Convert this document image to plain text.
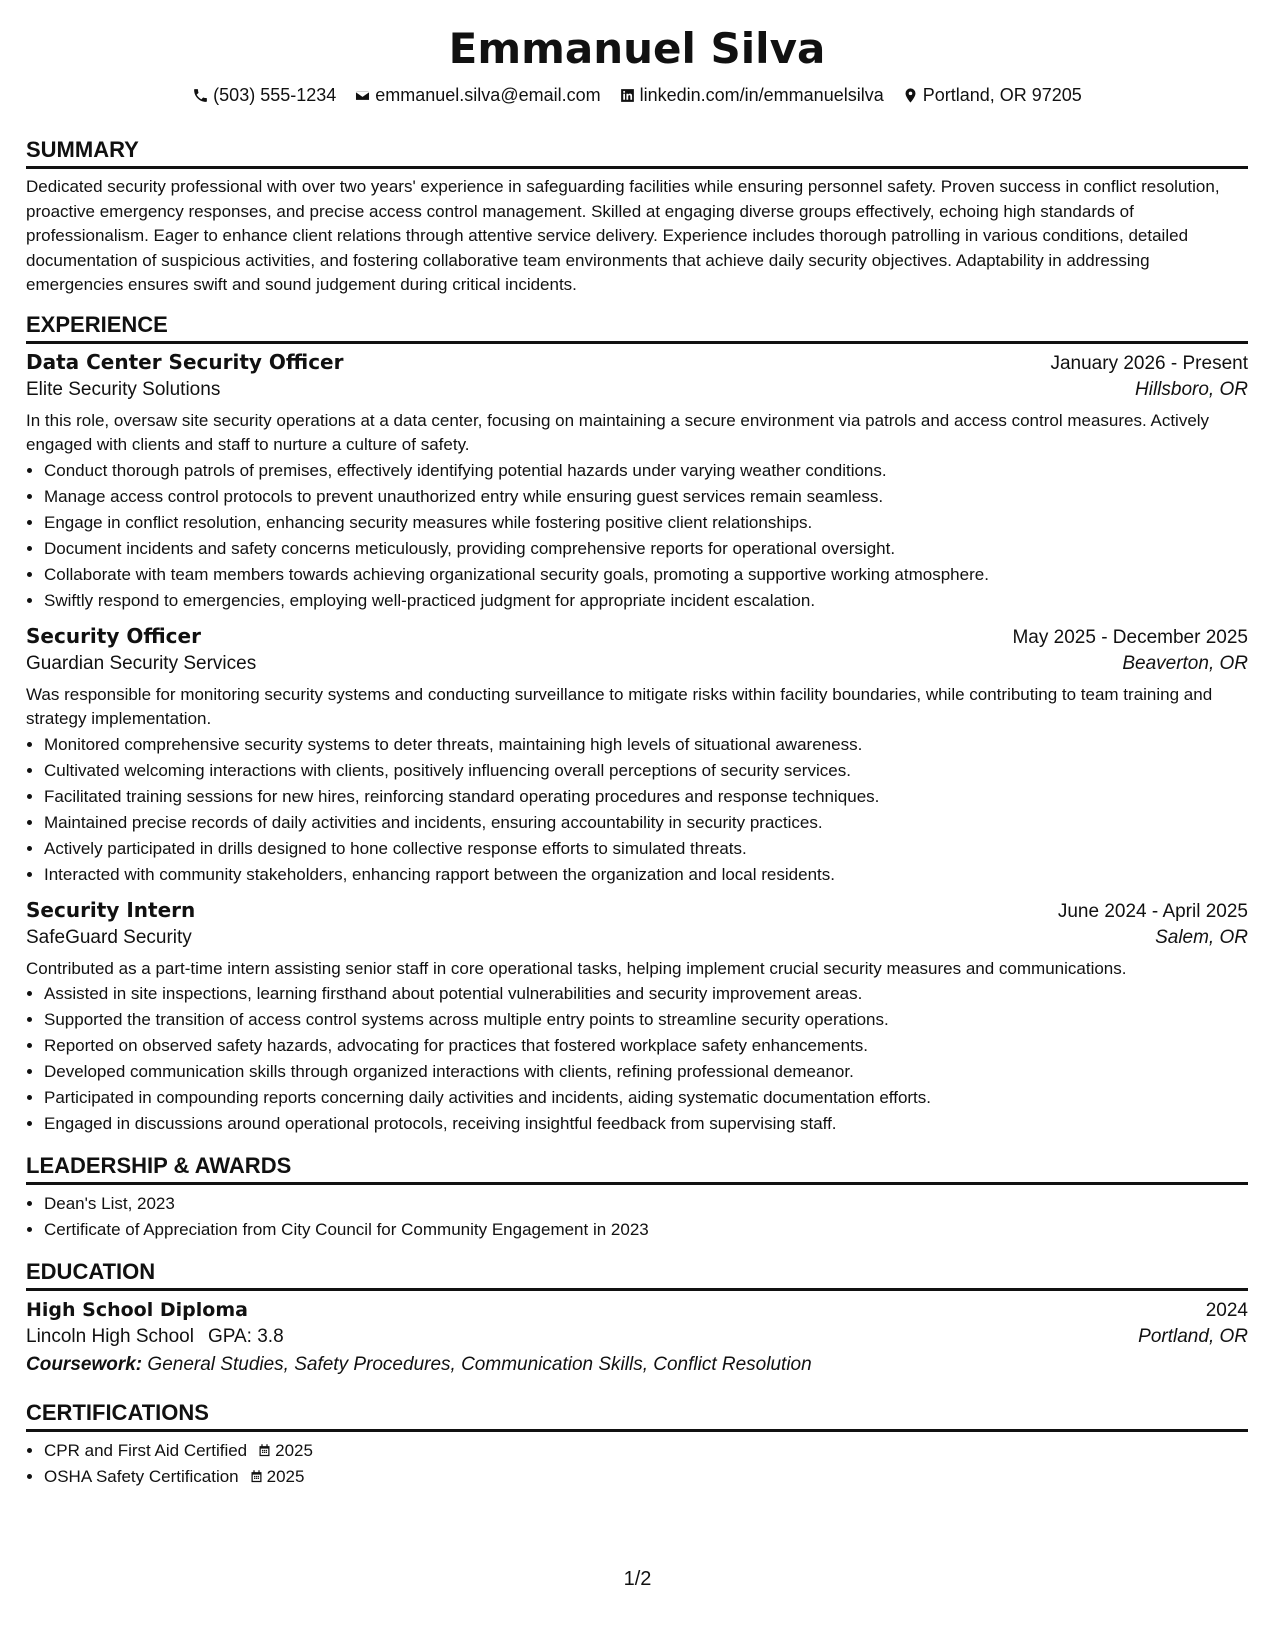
Emmanuel Silva
(503) 555-1234 emmanuel.silva@email.com linkedin.com/in/emmanuelsilva Portland, OR 97205
SUMMARY

Dedicated security professional with over two years' experience in safeguarding facilities while ensuring personnel safety. Proven success in conflict resolution, proactive emergency responses, and precise access control management. Skilled at engaging diverse groups effectively, echoing high standards of professionalism. Eager to enhance client relations through attentive service delivery. Experience includes thorough patrolling in various conditions, detailed documentation of suspicious activities, and fostering collaborative team environments that achieve daily security objectives. Adaptability in addressing emergencies ensures swift and sound judgement during critical incidents.

EXPERIENCE
Data Center Security Officer	January 2026 - Present
Elite Security Solutions	Hillsboro, OR

In this role, oversaw site security operations at a data center, focusing on maintaining a secure environment via patrols and access control measures. Actively engaged with clients and staff to nurture a culture of safety.

• Conduct thorough patrols of premises, effectively identifying potential hazards under varying weather conditions.
• Manage access control protocols to prevent unauthorized entry while ensuring guest services remain seamless.
• Engage in conflict resolution, enhancing security measures while fostering positive client relationships.
• Document incidents and safety concerns meticulously, providing comprehensive reports for operational oversight.
• Collaborate with team members towards achieving organizational security goals, promoting a supportive working atmosphere.
• Swiftly respond to emergencies, employing well-practiced judgment for appropriate incident escalation.
Security Officer	May 2025 - December 2025
Guardian Security Services	Beaverton, OR

Was responsible for monitoring security systems and conducting surveillance to mitigate risks within facility boundaries, while contributing to team training and strategy implementation.

• Monitored comprehensive security systems to deter threats, maintaining high levels of situational awareness.
• Cultivated welcoming interactions with clients, positively influencing overall perceptions of security services.
• Facilitated training sessions for new hires, reinforcing standard operating procedures and response techniques.
• Maintained precise records of daily activities and incidents, ensuring accountability in security practices.
• Actively participated in drills designed to hone collective response efforts to simulated threats.
• Interacted with community stakeholders, enhancing rapport between the organization and local residents.
Security Intern	June 2024 - April 2025
SafeGuard Security	Salem, OR

Contributed as a part-time intern assisting senior staff in core operational tasks, helping implement crucial security measures and communications.

• Assisted in site inspections, learning firsthand about potential vulnerabilities and security improvement areas.
• Supported the transition of access control systems across multiple entry points to streamline security operations.
• Reported on observed safety hazards, advocating for practices that fostered workplace safety enhancements.
• Developed communication skills through organized interactions with clients, refining professional demeanor.
• Participated in compounding reports concerning daily activities and incidents, aiding systematic documentation efforts.
• Engaged in discussions around operational protocols, receiving insightful feedback from supervising staff.
LEADERSHIP & AWARDS
• Dean's List, 2023
• Certificate of Appreciation from City Council for Community Engagement in 2023
EDUCATION
High School Diploma	2024
Lincoln High School GPA: 3.8	Portland, OR
Coursework: General Studies, Safety Procedures, Communication Skills, Conflict Resolution
CERTIFICATIONS
• CPR and First Aid Certified 2025
• OSHA Safety Certification 2025
1/2
